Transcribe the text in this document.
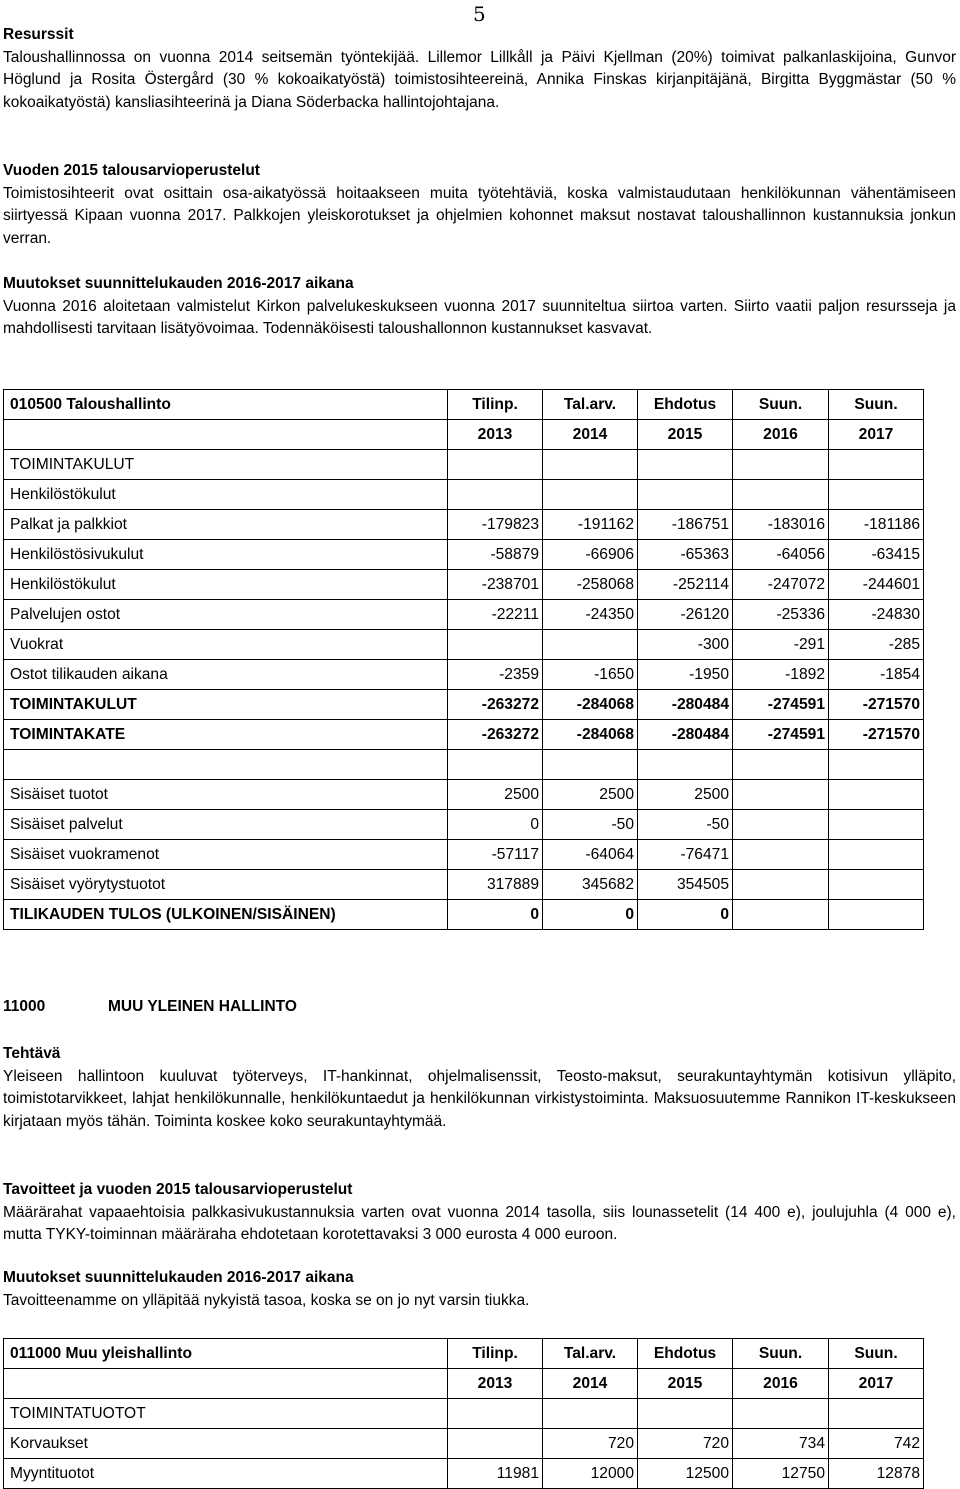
5

Resurssit

Taloushallinnossa on vuonna 2014 seitsemän työntekijää. Lillemor Lillkåll ja Päivi Kjellman (20%) toimivat palkanlaskijoina, Gunvor Höglund ja Rosita Östergård (30 % kokoaikatyöstä) toimistosihteereinä, Annika Finskas kirjanpitäjänä, Birgitta Byggmästar (50 % kokoaikatyöstä) kansliasihteerinä ja Diana Söderbacka hallintojohtajana.

Vuoden 2015 talousarvioperustelut

Toimistosihteerit ovat osittain osa-aikatyössä hoitaakseen muita työtehtäviä, koska valmistaudutaan henkilökunnan vähentämiseen siirtyessä Kipaan vuonna 2017. Palkkojen yleiskorotukset ja ohjelmien kohonnet maksut nostavat taloushallinnon kustannuksia jonkun verran.

Muutokset suunnittelukauden 2016-2017 aikana

Vuonna 2016 aloitetaan valmistelut Kirkon palvelukeskukseen vuonna 2017 suunniteltua siirtoa varten. Siirto vaatii paljon resursseja ja mahdollisesti tarvitaan lisätyövoimaa. Todennäköisesti taloushallonnon kustannukset kasvavat.

010500 Taloushallinto	Tilinp.	Tal.arv.	Ehdotus	Suun.	Suun.
	2013	2014	2015	2016	2017
TOIMINTAKULUT					
Henkilöstökulut					
Palkat ja palkkiot	-179823	-191162	-186751	-183016	-181186
Henkilöstösivukulut	-58879	-66906	-65363	-64056	-63415
Henkilöstökulut	-238701	-258068	-252114	-247072	-244601
Palvelujen ostot	-22211	-24350	-26120	-25336	-24830
Vuokrat			-300	-291	-285
Ostot tilikauden aikana	-2359	-1650	-1950	-1892	-1854
TOIMINTAKULUT	-263272	-284068	-280484	-274591	-271570
TOIMINTAKATE	-263272	-284068	-280484	-274591	-271570

Sisäiset tuotot	2500	2500	2500		
Sisäiset palvelut	0	-50	-50		
Sisäiset vuokramenot	-57117	-64064	-76471		
Sisäiset vyörytystuotot	317889	345682	354505		
TILIKAUDEN TULOS (ULKOINEN/SISÄINEN)	0	0	0		
11000	MUU YLEINEN HALLINTO

Tehtävä

Yleiseen hallintoon kuuluvat työterveys, IT-hankinnat, ohjelmalisenssit, Teosto-maksut, seurakuntayhtymän kotisivun ylläpito, toimistotarvikkeet, lahjat henkilökunnalle, henkilökuntaedut ja henkilökunnan virkistystoiminta. Maksuosuutemme Rannikon IT-keskukseen kirjataan myös tähän. Toiminta koskee koko seurakuntayhtymää.

Tavoitteet ja vuoden 2015 talousarvioperustelut

Määrärahat vapaaehtoisia palkkasivukustannuksia varten ovat vuonna 2014 tasolla, siis lounassetelit (14 400 e), joulujuhla (4 000 e), mutta TYKY-toiminnan määräraha ehdotetaan korotettavaksi 3 000 eurosta 4 000 euroon.

Muutokset suunnittelukauden 2016-2017 aikana

Tavoitteenamme on ylläpitää nykyistä tasoa, koska se on jo nyt varsin tiukka.

011000 Muu yleishallinto	Tilinp.	Tal.arv.	Ehdotus	Suun.	Suun.
	2013	2014	2015	2016	2017
TOIMINTATUOTOT					
Korvaukset		720	720	734	742
Myyntituotot	11981	12000	12500	12750	12878
